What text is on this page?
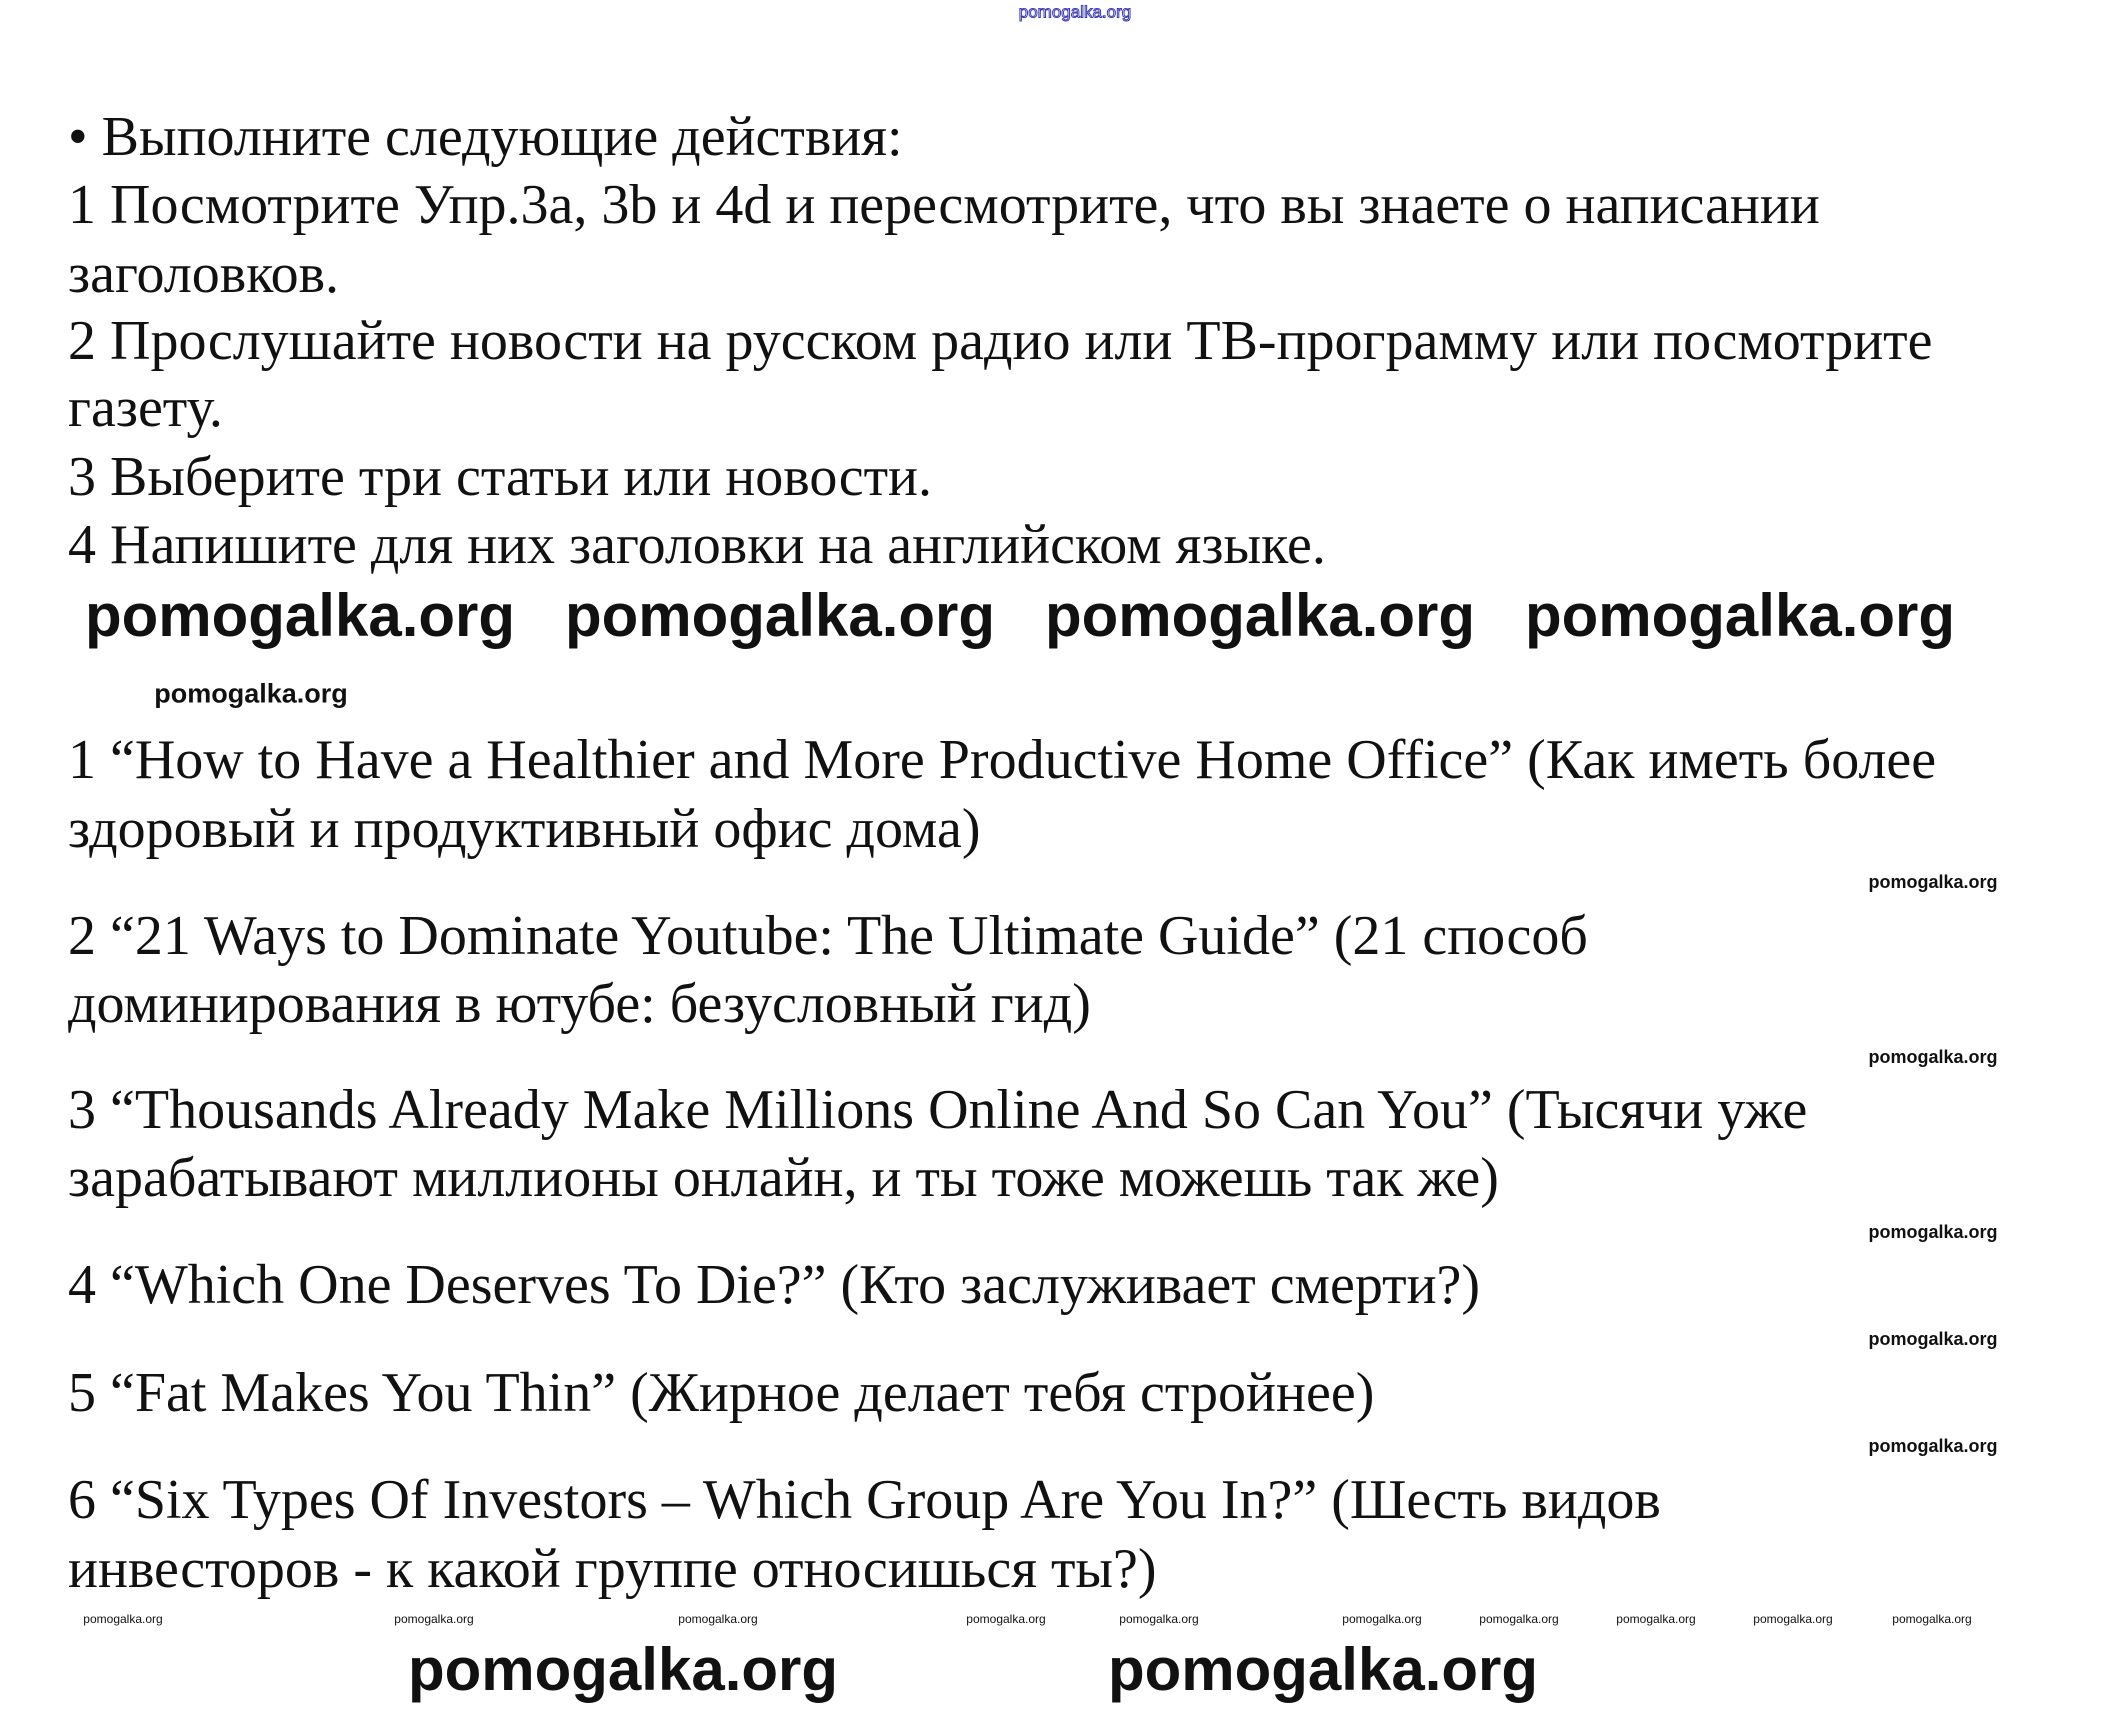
pomogalka.org
• Выполните следующие действия:
1 Посмотрите Упр.3a, 3b и 4d и пересмотрите, что вы знаете о написании
заголовков.
2 Прослушайте новости на русском радио или ТВ-программу или посмотрите
газету.
3 Выберите три статьи или новости.
4 Напишите для них заголовки на английском языке.
1 “How to Have a Healthier and More Productive Home Office” (Как иметь более
здоровый и продуктивный офис дома)
2 “21 Ways to Dominate Youtube: The Ultimate Guide” (21 способ
доминирования в ютубе: безусловный гид)
3 “Thousands Already Make Millions Online And So Can You” (Тысячи уже
зарабатывают миллионы онлайн, и ты тоже можешь так же)
4 “Which One Deserves To Die?” (Кто заслуживает смерти?)
5 “Fat Makes You Thin” (Жирное делает тебя стройнее)
6 “Six Types Of Investors – Which Group Are You In?” (Шесть видов
инвесторов - к какой группе относишься ты?)
pomogalka.org pomogalka.org pomogalka.org pomogalka.org
pomogalka.org	pomogalka.org
pomogalka.org
pomogalka.org
pomogalka.org
pomogalka.org
pomogalka.org
pomogalka.org
pomogalka.org	pomogalka.org	pomogalka.org	pomogalka.org	pomogalka.org	pomogalka.org	pomogalka.org	pomogalka.org	pomogalka.org	pomogalka.org
